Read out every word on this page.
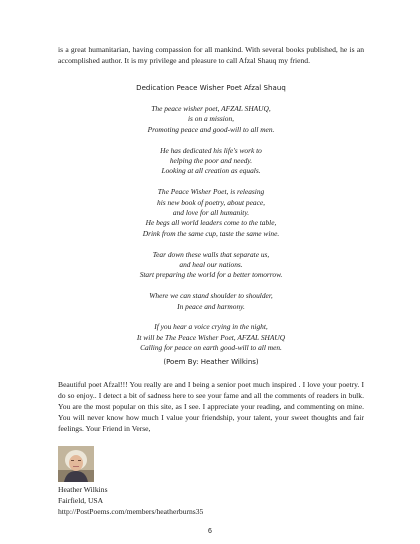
is a great humanitarian, having compassion for all mankind. With several books published, he is an accomplished author. It is my privilege and pleasure to call Afzal Shauq my friend.

Dedication Peace Wisher Poet Afzal Shauq
The peace wisher poet, AFZAL SHAUQ,
is on a mission,
Promoting peace and good-will to all men.
He has dedicated his life's work to
helping the poor and needy.
Looking at all creation as equals.
The Peace Wisher Poet, is releasing
his new book of poetry, about peace,
and love for all humanity.
He begs all world leaders come to the table,
Drink from the same cup, taste the same wine.
Tear down these walls that separate us,
and heal our nations.
Start preparing the world for a better tomorrow.
Where we can stand shoulder to shoulder,
In peace and harmony.
If you hear a voice crying in the night,
It will be The Peace Wisher Poet, AFZAL SHAUQ
Calling for peace on earth good-will to all men.
(Poem By: Heather Wilkins)

Beautiful poet Afzal!!! You really are and I being a senior poet much inspired . I love your poetry. I do so enjoy.. I detect a bit of sadness here to see your fame and all the comments of readers in bulk. You are the most popular on this site, as I see. I appreciate your reading, and commenting on mine. You will never know how much I value your friendship, your talent, your sweet thoughts and fair feelings. Your Friend in Verse,

Heather Wilkins
Fairfield, USA
http://PostPoems.com/members/heatherburns35
6
